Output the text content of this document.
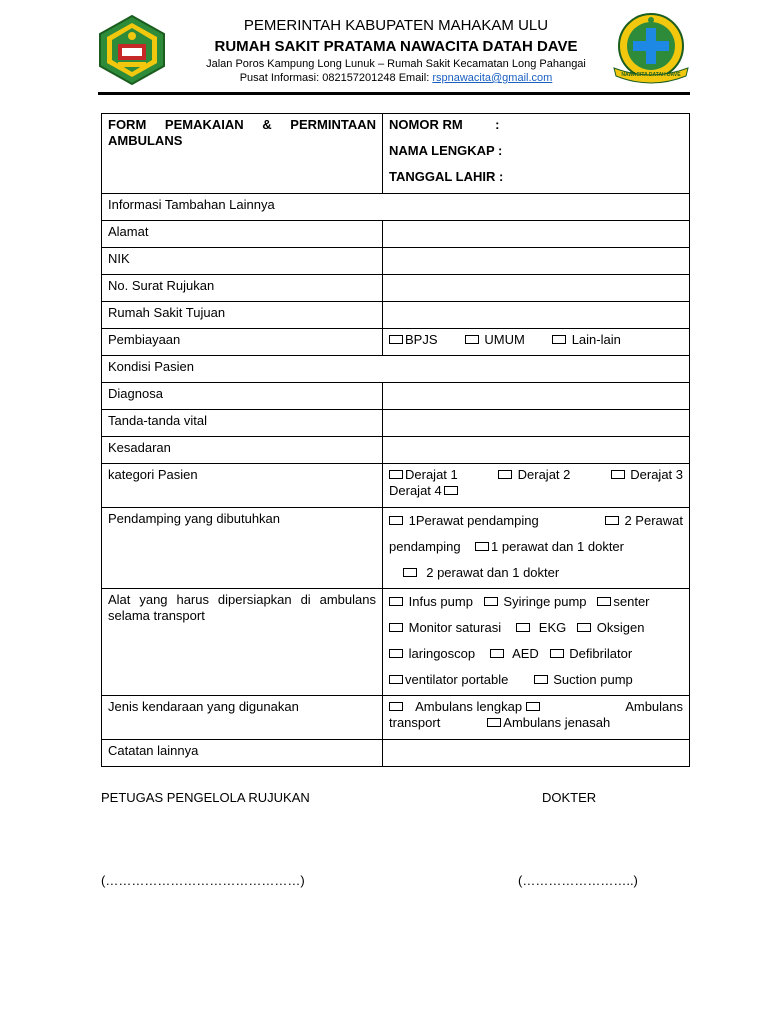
PEMERINTAH KABUPATEN MAHAKAM ULU
RUMAH SAKIT PRATAMA NAWACITA DATAH DAVE
Jalan Poros Kampung Long Lunuk – Rumah Sakit Kecamatan Long Pahangai
Pusat Informasi: 082157201248 Email: rspnawacita@gmail.com	NAWACITA DATAH DAVE
FORM PEMAKAIAN & PERMINTAAN AMBULANS	NOMOR RM         :
NAMA LENGKAP :
TANGGAL LAHIR :

Informasi Tambahan Lainnya	
Alamat	
NIK	
No. Surat Rujukan	
Rumah Sakit Tujuan	
Pembiayaan	BPJS UMUM Lain-lain
Kondisi Pasien	
Diagnosa	
Tanda-tanda vital	
Kesadaran	
kategori Pasien	Derajat 1 Derajat 2 Derajat 3
Derajat 4
Pendamping yang dibutuhkan	1Perawat pendamping 2 Perawat
pendamping 1 perawat dan 1 dokter
2 perawat dan 1 dokter

Alat yang harus dipersiapkan di ambulans selama transport	Infus pump Syiringe pump senter
Monitor saturasi EKG Oksigen
laringoscop AED Defibrilator
ventilator portable Suction pump

Jenis kendaraan yang digunakan	Ambulans lengkap Ambulans
transport Ambulans jenasah

Catatan lainnya	
PETUGAS PENGELOLA RUJUKAN	DOKTER
(………………………………………)	(……………………..)
